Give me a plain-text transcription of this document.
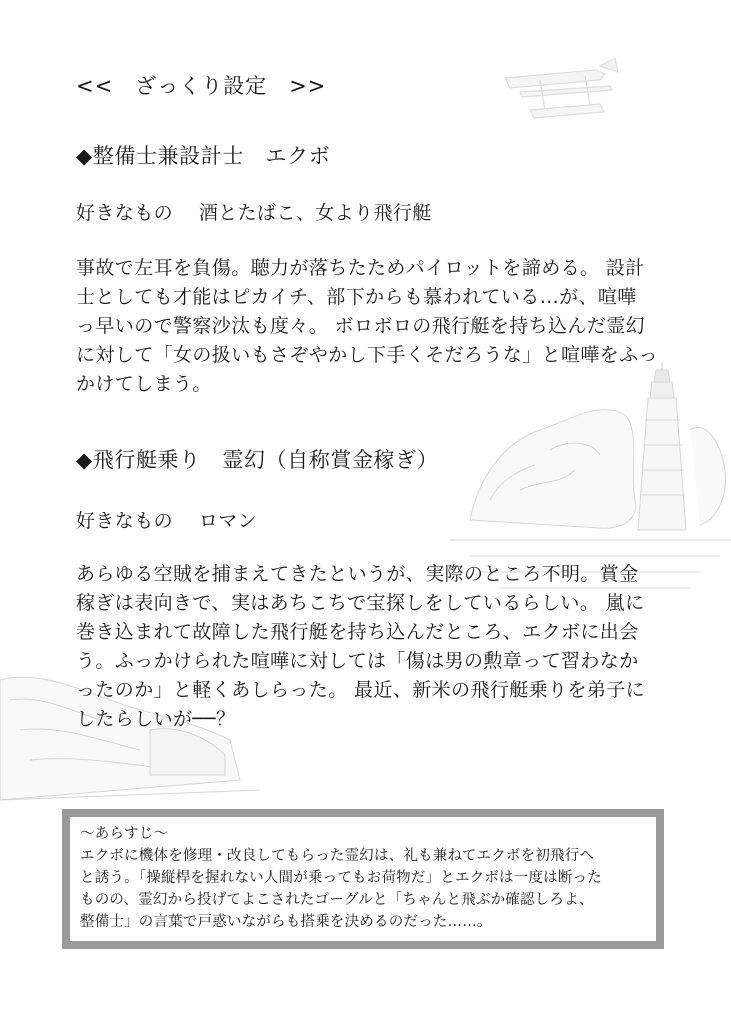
<<　ざっくり設定　>>
◆整備士兼設計士　エクボ
好きなもの　 酒とたばこ、女より飛行艇
事故で左耳を負傷。聴力が落ちたためパイロットを諦める。 設計
士としても才能はピカイチ、部下からも慕われている…が、喧嘩
っ早いので警察沙汰も度々。 ボロボロの飛行艇を持ち込んだ霊幻
に対して「女の扱いもさぞやかし下手くそだろうな」と喧嘩をふっ
かけてしまう。
◆飛行艇乗り　霊幻（自称賞金稼ぎ）
好きなもの　 ロマン
あらゆる空賊を捕まえてきたというが、実際のところ不明。賞金
稼ぎは表向きで、実はあちこちで宝探しをしているらしい。 嵐に
巻き込まれて故障した飛行艇を持ち込んだところ、エクボに出会
う。ふっかけられた喧嘩に対しては「傷は男の勲章って習わなか
ったのか」と軽くあしらった。 最近、新米の飛行艇乗りを弟子に
したらしいが──？
〜あらすじ〜
エクボに機体を修理・改良してもらった霊幻は、礼も兼ねてエクボを初飛行へ
と誘う。「操縦桿を握れない人間が乗ってもお荷物だ」とエクボは一度は断った
ものの、霊幻から投げてよこされたゴーグルと「ちゃんと飛ぶか確認しろよ、
整備士」の言葉で戸惑いながらも搭乗を決めるのだった……。
